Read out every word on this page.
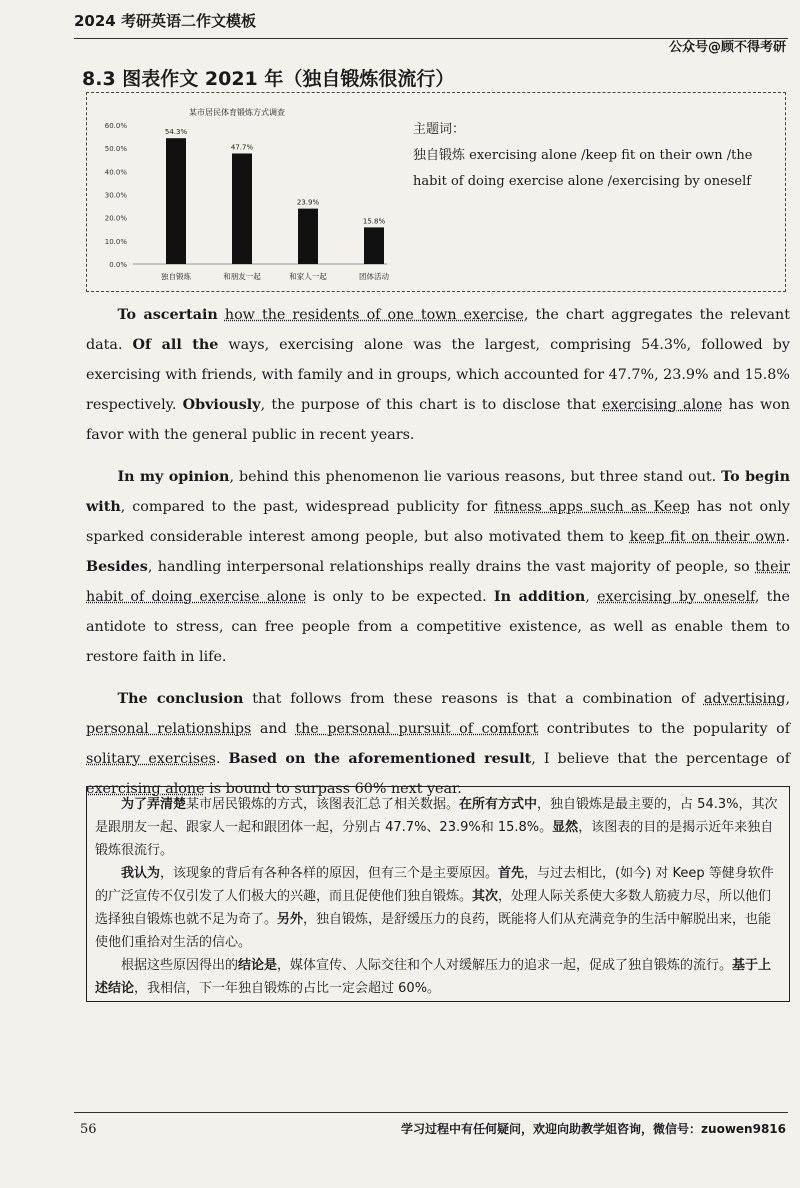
2024 考研英语二作文模板
公众号@顾不得考研
8.3 图表作文 2021 年（独自锻炼很流行）
某市居民体育锻炼方式调查
0.0%
10.0%
20.0%
30.0%
40.0%
50.0%
60.0%
54.3%
独自锻炼
47.7%
和朋友一起
23.9%
和家人一起
15.8%
团体活动
主题词：
独自锻炼 exercising alone /keep fit on their own /the habit of doing exercise alone /exercising by oneself

To ascertain how the residents of one town exercise, the chart aggregates the relevant data. Of all the ways, exercising alone was the largest, comprising 54.3%, followed by exercising with friends, with family and in groups, which accounted for 47.7%, 23.9% and 15.8% respectively. Obviously, the purpose of this chart is to disclose that exercising alone has won favor with the general public in recent years.

In my opinion, behind this phenomenon lie various reasons, but three stand out. To begin with, compared to the past, widespread publicity for fitness apps such as Keep has not only sparked considerable interest among people, but also motivated them to keep fit on their own. Besides, handling interpersonal relationships really drains the vast majority of people, so their habit of doing exercise alone is only to be expected. In addition, exercising by oneself, the antidote to stress, can free people from a competitive existence, as well as enable them to restore faith in life.

The conclusion that follows from these reasons is that a combination of advertising, personal relationships and the personal pursuit of comfort contributes to the popularity of solitary exercises. Based on the aforementioned result, I believe that the percentage of exercising alone is bound to surpass 60% next year.

为了弄清楚某市居民锻炼的方式，该图表汇总了相关数据。在所有方式中，独自锻炼是最主要的，占 54.3%，其次是跟朋友一起、跟家人一起和跟团体一起，分别占 47.7%、23.9%和 15.8%。显然，该图表的目的是揭示近年来独自锻炼很流行。

我认为，该现象的背后有各种各样的原因，但有三个是主要原因。首先，与过去相比，(如今) 对 Keep 等健身软件的广泛宣传不仅引发了人们极大的兴趣，而且促使他们独自锻炼。其次，处理人际关系使大多数人筋疲力尽，所以他们选择独自锻炼也就不足为奇了。另外，独自锻炼，是舒缓压力的良药，既能将人们从充满竞争的生活中解脱出来，也能使他们重拾对生活的信心。

根据这些原因得出的结论是，媒体宣传、人际交往和个人对缓解压力的追求一起，促成了独自锻炼的流行。基于上述结论，我相信，下一年独自锻炼的占比一定会超过 60%。

56	学习过程中有任何疑问，欢迎向助教学姐咨询，微信号：zuowen9816
